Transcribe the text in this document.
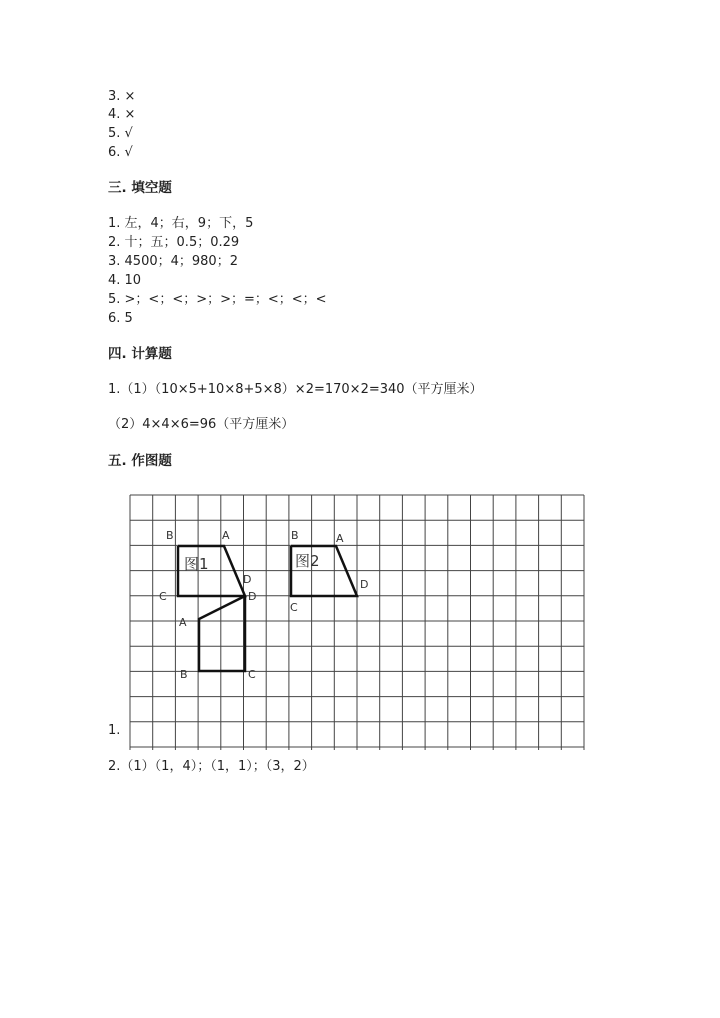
3. ×
4. ×
5. √
6. √
三. 填空题
1. 左，4；右，9；下，5
2. 十；五；0.5；0.29
3. 4500；4；980；2
4. 10
5. >；<；<；>；>；=；<；<；<
6. 5
四. 计算题
1.（1）（10×5+10×8+5×8）×2=170×2=340（平方厘米）
（2）4×4×6=96（平方厘米）
五. 作图题
B	A
D
C
图1
D
A
B	C
B	A
D
C
图2
1.
2.（1）（1，4）；（1，1）；（3，2）
